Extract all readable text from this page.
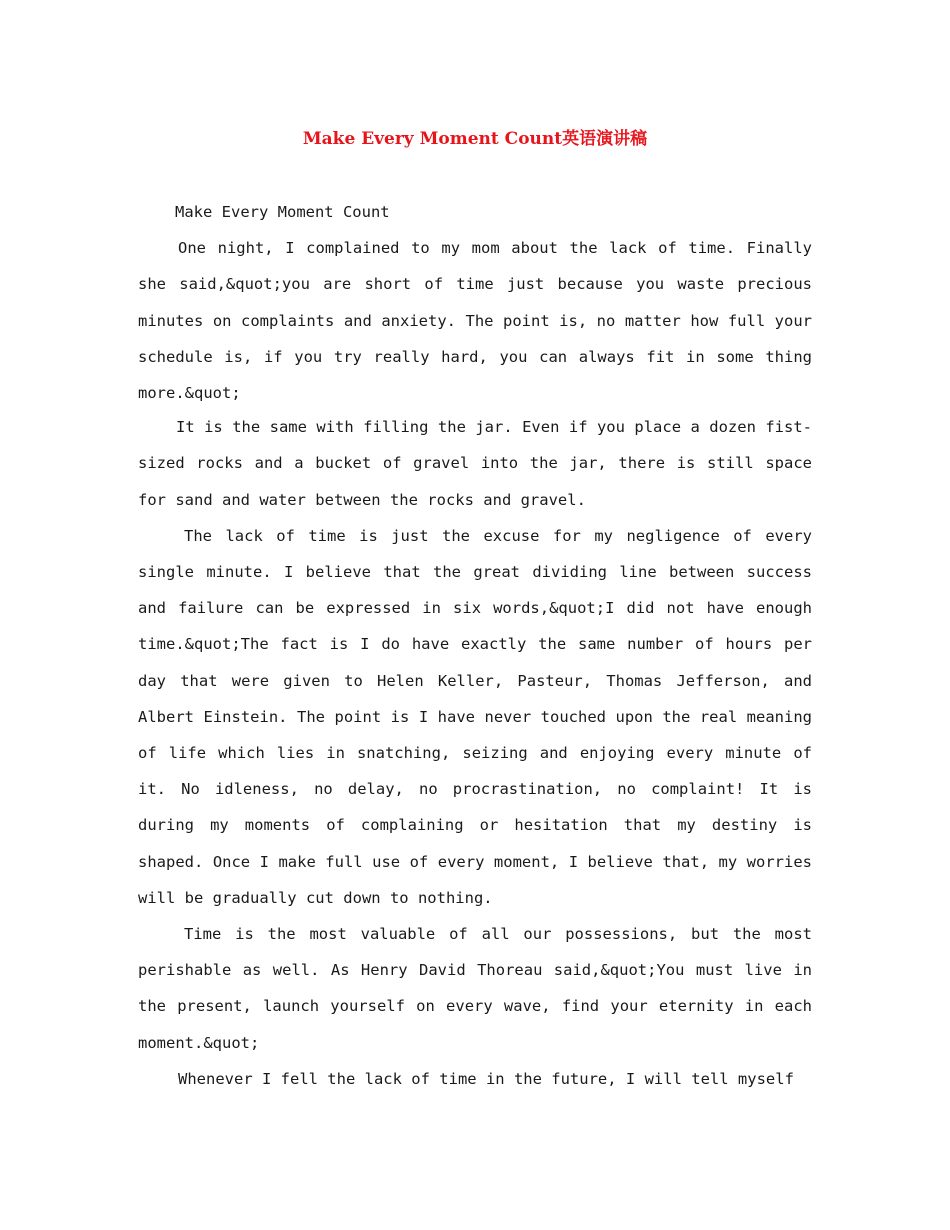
Make Every Moment Count英语演讲稿

Make Every Moment Count

One night, I complained to my mom about the lack of time. Finally she said,&quot;you are short of time just because you waste precious minutes on complaints and anxiety. The point is, no matter how full your schedule is, if you try really hard, you can always fit in some thing more.&quot;

It is the same with filling the jar. Even if you place a dozen fist-sized rocks and a bucket of gravel into the jar, there is still space for sand and water between the rocks and gravel.

The lack of time is just the excuse for my negligence of every single minute. I believe that the great dividing line between success and failure can be expressed in six words,&quot;I did not have enough time.&quot;The fact is I do have exactly the same number of hours per day that were given to Helen Keller, Pasteur, Thomas Jefferson, and Albert Einstein. The point is I have never touched upon the real meaning of life which lies in snatching, seizing and enjoying every minute of it. No idleness, no delay, no procrastination, no complaint! It is during my moments of complaining or hesitation that my destiny is shaped. Once I make full use of every moment, I believe that, my worries will be gradually cut down to nothing.

Time is the most valuable of all our possessions, but the most perishable as well. As Henry David Thoreau said,&quot;You must live in the present, launch yourself on every wave, find your eternity in each moment.&quot;

Whenever I fell the lack of time in the future, I will tell myself
